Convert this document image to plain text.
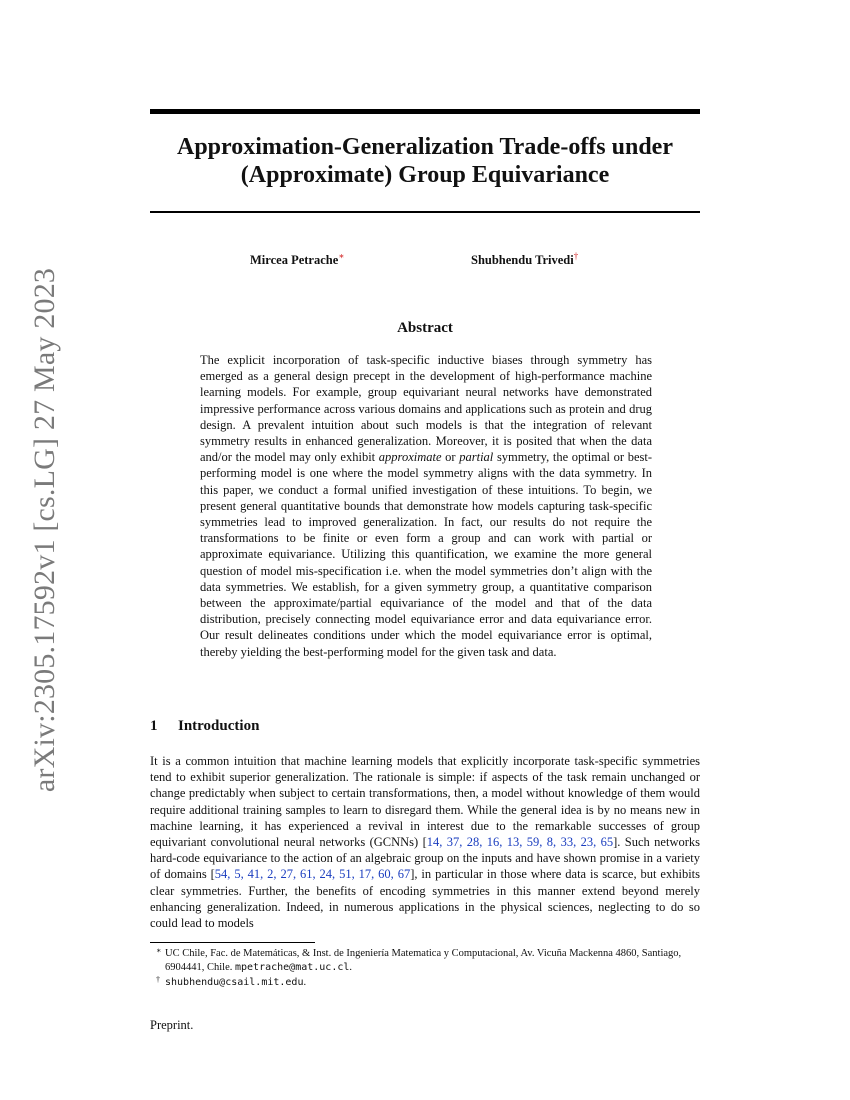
arXiv:2305.17592v1 [cs.LG] 27 May 2023
Approximation-Generalization Trade-offs under
(Approximate) Group Equivariance
Mircea Petrache∗	Shubhendu Trivedi†
Abstract

The explicit incorporation of task-specific inductive biases through symmetry has emerged as a general design precept in the development of high-performance machine learning models. For example, group equivariant neural networks have demonstrated impressive performance across various domains and applications such as protein and drug design. A prevalent intuition about such models is that the integration of relevant symmetry results in enhanced generalization. Moreover, it is posited that when the data and/or the model may only exhibit approximate or partial symmetry, the optimal or best-performing model is one where the model symmetry aligns with the data symmetry. In this paper, we conduct a formal unified investigation of these intuitions. To begin, we present general quantitative bounds that demonstrate how models capturing task-specific symmetries lead to improved generalization. In fact, our results do not require the transformations to be finite or even form a group and can work with partial or approximate equivariance. Utilizing this quantification, we examine the more general question of model mis-specification i.e. when the model symmetries don’t align with the data symmetries. We establish, for a given symmetry group, a quantitative comparison between the approximate/partial equivariance of the model and that of the data distribution, precisely connecting model equivariance error and data equivariance error. Our result delineates conditions under which the model equivariance error is optimal, thereby yielding the best-performing model for the given task and data.

1 Introduction

It is a common intuition that machine learning models that explicitly incorporate task-specific symmetries tend to exhibit superior generalization. The rationale is simple: if aspects of the task remain unchanged or change predictably when subject to certain transformations, then, a model without knowledge of them would require additional training samples to learn to disregard them. While the general idea is by no means new in machine learning, it has experienced a revival in interest due to the remarkable successes of group equivariant convolutional neural networks (GCNNs) [14, 37, 28, 16, 13, 59, 8, 33, 23, 65]. Such networks hard-code equivariance to the action of an algebraic group on the inputs and have shown promise in a variety of domains [54, 5, 41, 2, 27, 61, 24, 51, 17, 60, 67], in particular in those where data is scarce, but exhibits clear symmetries. Further, the benefits of encoding symmetries in this manner extend beyond merely enhancing generalization. Indeed, in numerous applications in the physical sciences, neglecting to do so could lead to models

∗ UC Chile, Fac. de Matemáticas, & Inst. de Ingeniería Matematica y Computacional, Av. Vicuña Mackenna 4860, Santiago, 6904441, Chile. mpetrache@mat.uc.cl.

† shubhendu@csail.mit.edu.

Preprint.
